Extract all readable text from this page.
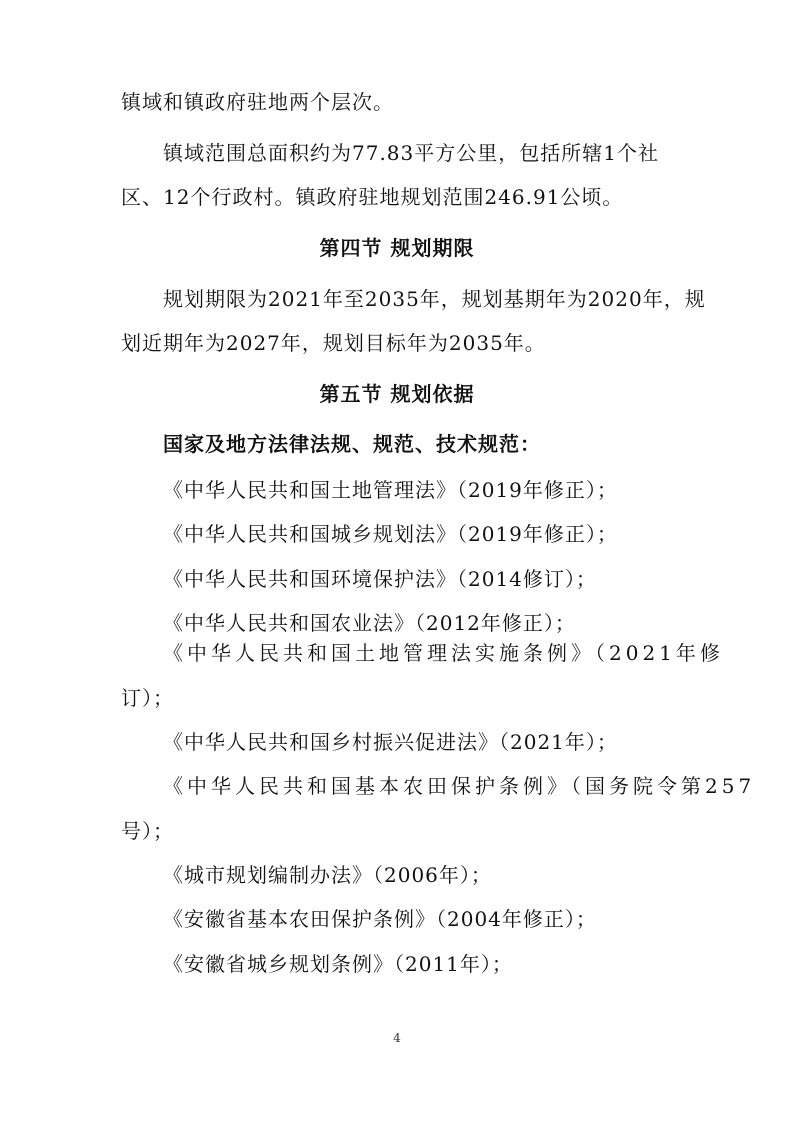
镇域和镇政府驻地两个层次。
镇域范围总面积约为77.83平方公里，包括所辖1个社
区、12个行政村。镇政府驻地规划范围246.91公顷。
第四节 规划期限
规划期限为2021年至2035年，规划基期年为2020年，规
划近期年为2027年，规划目标年为2035年。
第五节 规划依据
国家及地方法律法规、规范、技术规范：
《中华人民共和国土地管理法》（2019年修正）；
《中华人民共和国城乡规划法》（2019年修正）；
《中华人民共和国环境保护法》（2014修订）；
《中华人民共和国农业法》（2012年修正）；
《中华人民共和国土地管理法实施条例》（2021年修
订）；
《中华人民共和国乡村振兴促进法》（2021年）；
《中华人民共和国基本农田保护条例》（国务院令第257
号）；
《城市规划编制办法》（2006年）；
《安徽省基本农田保护条例》（2004年修正）；
《安徽省城乡规划条例》（2011年）；
4
